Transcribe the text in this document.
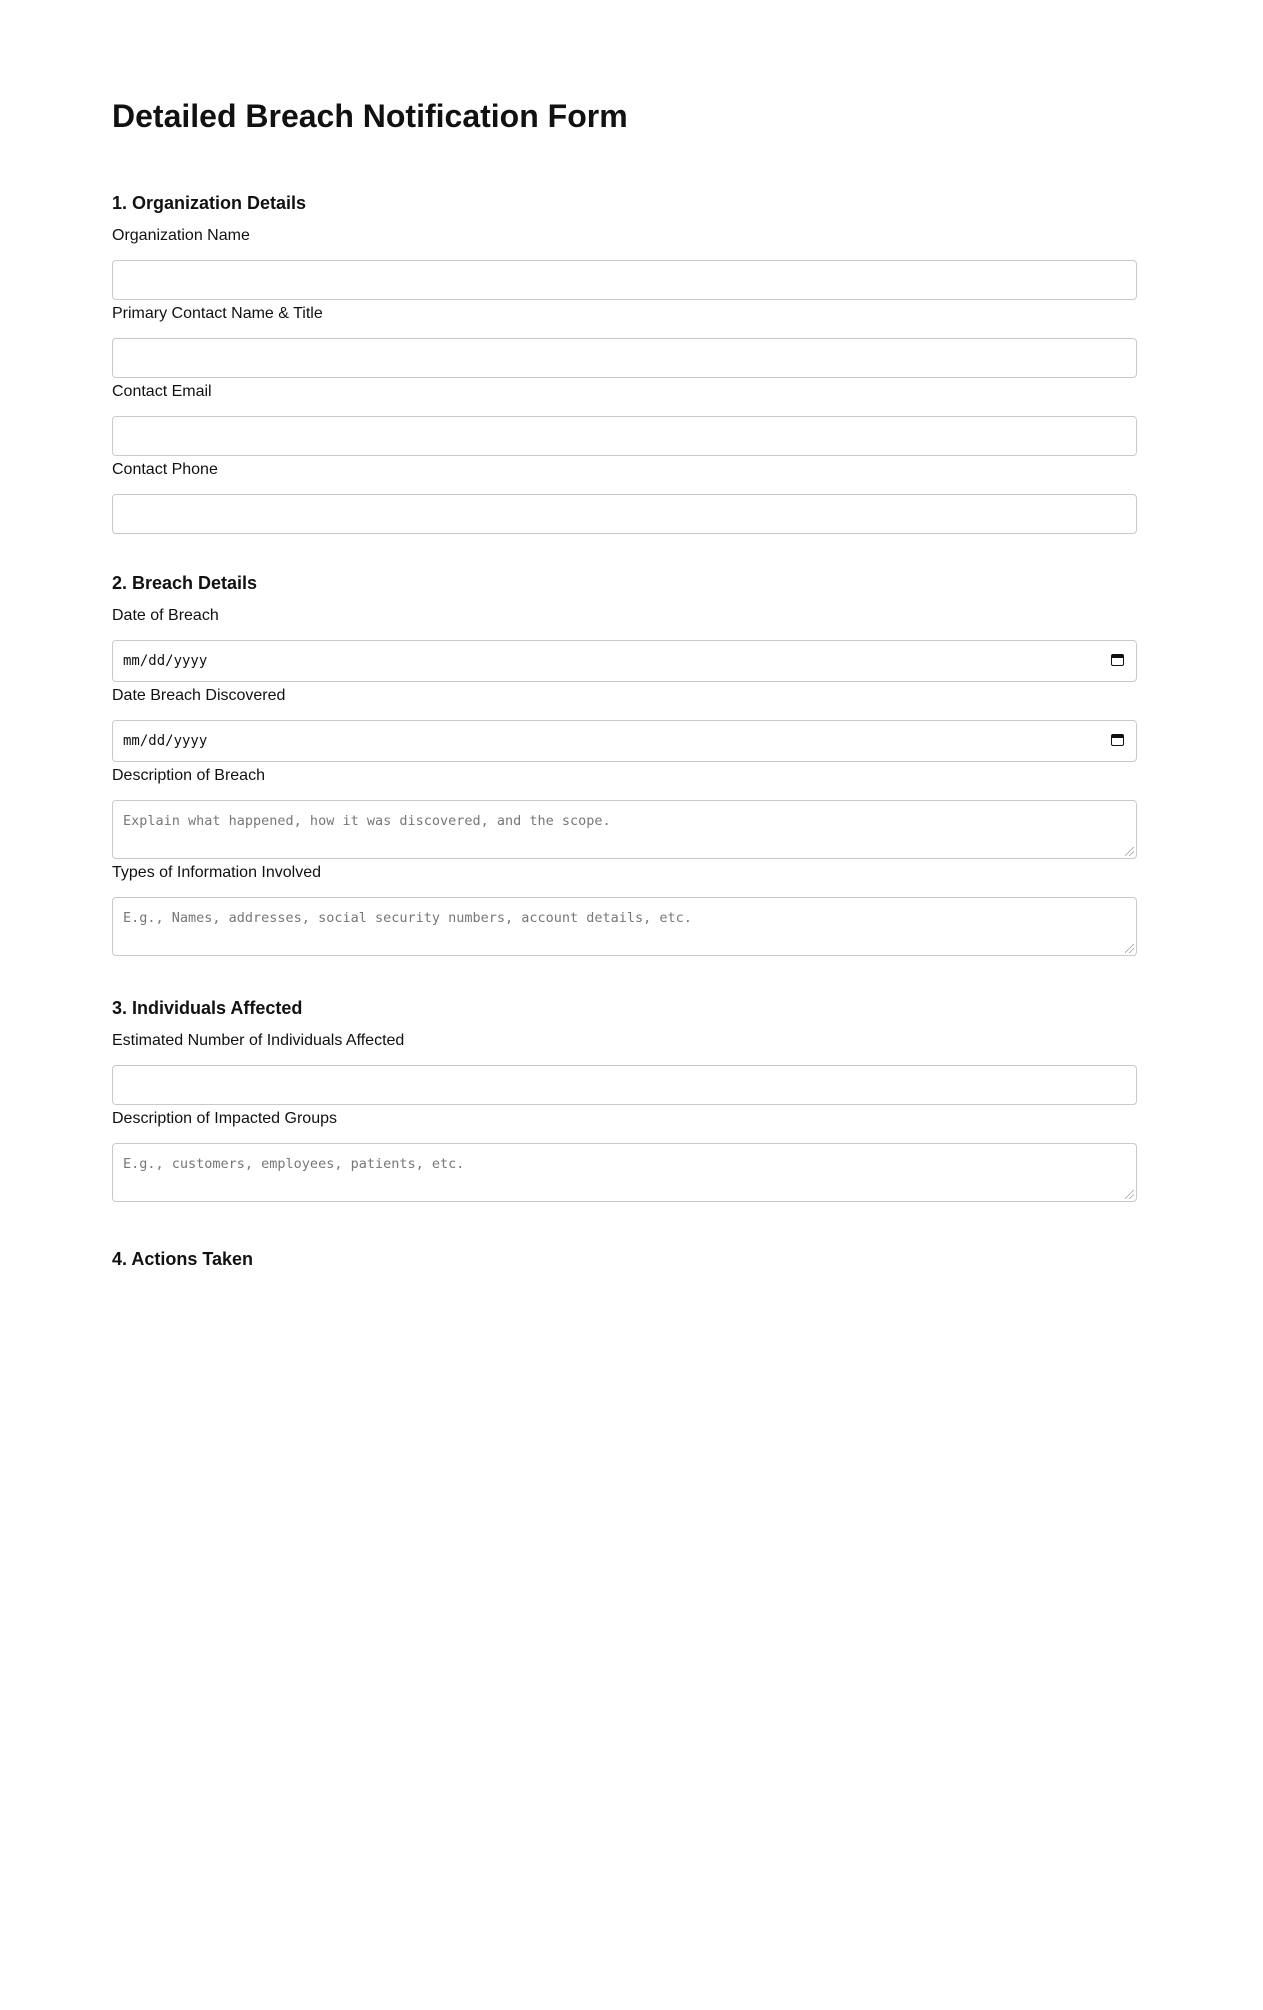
Detailed Breach Notification Form
1. Organization Details
Organization Name
Primary Contact Name & Title
Contact Email
Contact Phone
2. Breach Details
Date of Breach
mm/dd/yyyy
Date Breach Discovered
mm/dd/yyyy
Description of Breach
Explain what happened, how it was discovered, and the scope.
Types of Information Involved
E.g., Names, addresses, social security numbers, account details, etc.
3. Individuals Affected
Estimated Number of Individuals Affected
Description of Impacted Groups
E.g., customers, employees, patients, etc.
4. Actions Taken
